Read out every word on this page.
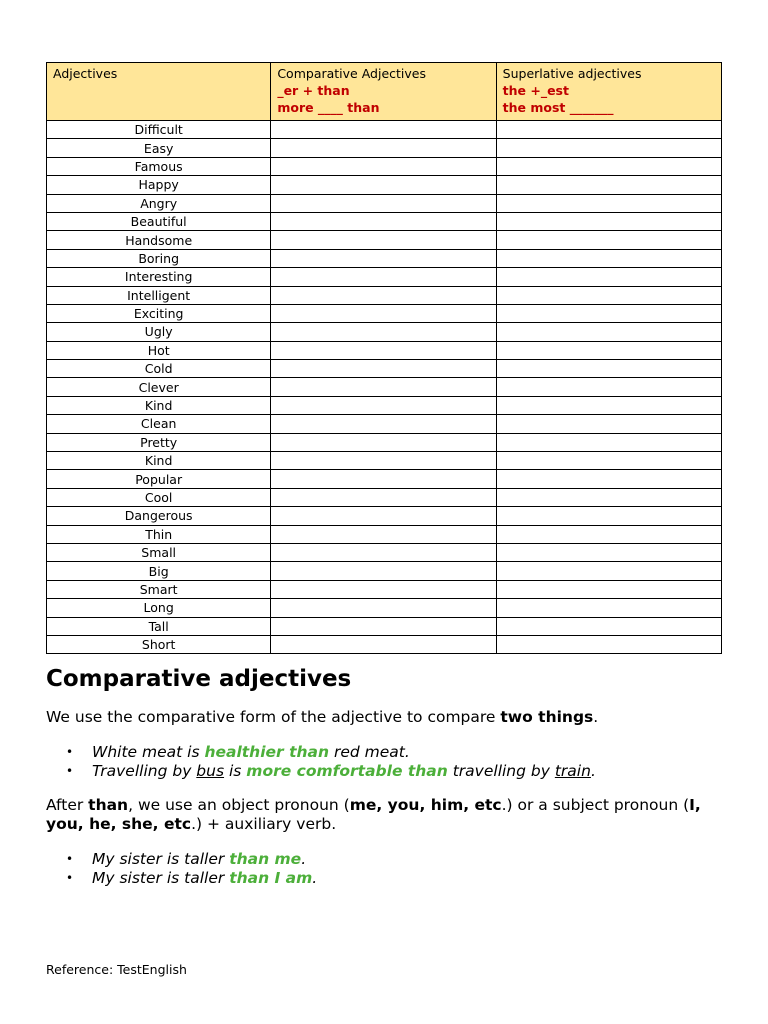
Adjectives	Comparative Adjectives
_er + than
more ____ than	Superlative adjectives
the +_est
the most _______

Difficult		
Easy		
Famous		
Happy		
Angry		
Beautiful		
Handsome		
Boring		
Interesting		
Intelligent		
Exciting		
Ugly		
Hot		
Cold		
Clever		
Kind		
Clean		
Pretty		
Kind		
Popular		
Cool		
Dangerous		
Thin		
Small		
Big		
Smart		
Long		
Tall		
Short		
Comparative adjectives

We use the comparative form of the adjective to compare two things.

• White meat is healthier than red meat.
• Travelling by bus is more comfortable than travelling by train.

After than, we use an object pronoun (me, you, him, etc.) or a subject pronoun (I, you, he, she, etc.) + auxiliary verb.

• My sister is taller than me.
• My sister is taller than I am.
Reference: TestEnglish
